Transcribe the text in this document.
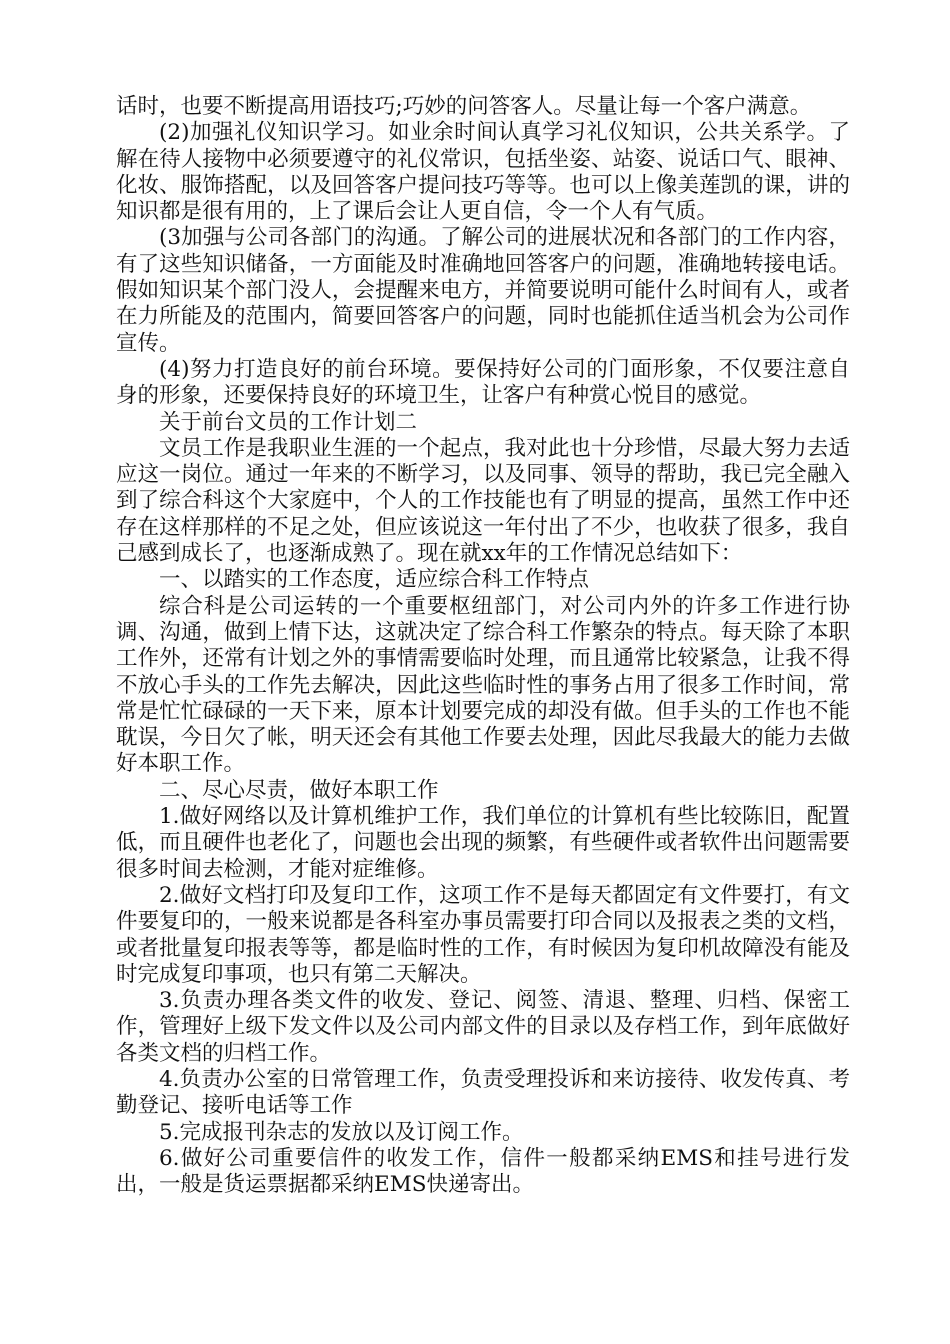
话时，也要不断提高用语技巧;巧妙的问答客人。尽量让每一个客户满意。

(2)加强礼仪知识学习。如业余时间认真学习礼仪知识，公共关系学。了解在待人接物中必须要遵守的礼仪常识，包括坐姿、站姿、说话口气、眼神、化妆、服饰搭配，以及回答客户提问技巧等等。也可以上像美莲凯的课，讲的知识都是很有用的，上了课后会让人更自信，令一个人有气质。

(3加强与公司各部门的沟通。了解公司的进展状况和各部门的工作内容，有了这些知识储备，一方面能及时准确地回答客户的问题，准确地转接电话。假如知识某个部门没人，会提醒来电方，并简要说明可能什么时间有人，或者在力所能及的范围内，简要回答客户的问题，同时也能抓住适当机会为公司作宣传。

(4)努力打造良好的前台环境。要保持好公司的门面形象，不仅要注意自身的形象，还要保持良好的环境卫生，让客户有种赏心悦目的感觉。

关于前台文员的工作计划二

文员工作是我职业生涯的一个起点，我对此也十分珍惜，尽最大努力去适应这一岗位。通过一年来的不断学习，以及同事、领导的帮助，我已完全融入到了综合科这个大家庭中，个人的工作技能也有了明显的提高，虽然工作中还存在这样那样的不足之处，但应该说这一年付出了不少，也收获了很多，我自己感到成长了，也逐渐成熟了。现在就xx年的工作情况总结如下：

一、以踏实的工作态度，适应综合科工作特点

综合科是公司运转的一个重要枢纽部门，对公司内外的许多工作进行协调、沟通，做到上情下达，这就决定了综合科工作繁杂的特点。每天除了本职工作外，还常有计划之外的事情需要临时处理，而且通常比较紧急，让我不得不放心手头的工作先去解决，因此这些临时性的事务占用了很多工作时间，常常是忙忙碌碌的一天下来，原本计划要完成的却没有做。但手头的工作也不能耽误，今日欠了帐，明天还会有其他工作要去处理，因此尽我最大的能力去做好本职工作。

二、尽心尽责，做好本职工作

1.做好网络以及计算机维护工作，我们单位的计算机有些比较陈旧，配置低，而且硬件也老化了，问题也会出现的频繁，有些硬件或者软件出问题需要很多时间去检测，才能对症维修。

2.做好文档打印及复印工作，这项工作不是每天都固定有文件要打，有文件要复印的，一般来说都是各科室办事员需要打印合同以及报表之类的文档，或者批量复印报表等等，都是临时性的工作，有时候因为复印机故障没有能及时完成复印事项，也只有第二天解决。

3.负责办理各类文件的收发、登记、阅签、清退、整理、归档、保密工作，管理好上级下发文件以及公司内部文件的目录以及存档工作，到年底做好各类文档的归档工作。

4.负责办公室的日常管理工作，负责受理投诉和来访接待、收发传真、考勤登记、接听电话等工作

5.完成报刊杂志的发放以及订阅工作。

6.做好公司重要信件的收发工作，信件一般都采纳EMS和挂号进行发出，一般是货运票据都采纳EMS快递寄出。
